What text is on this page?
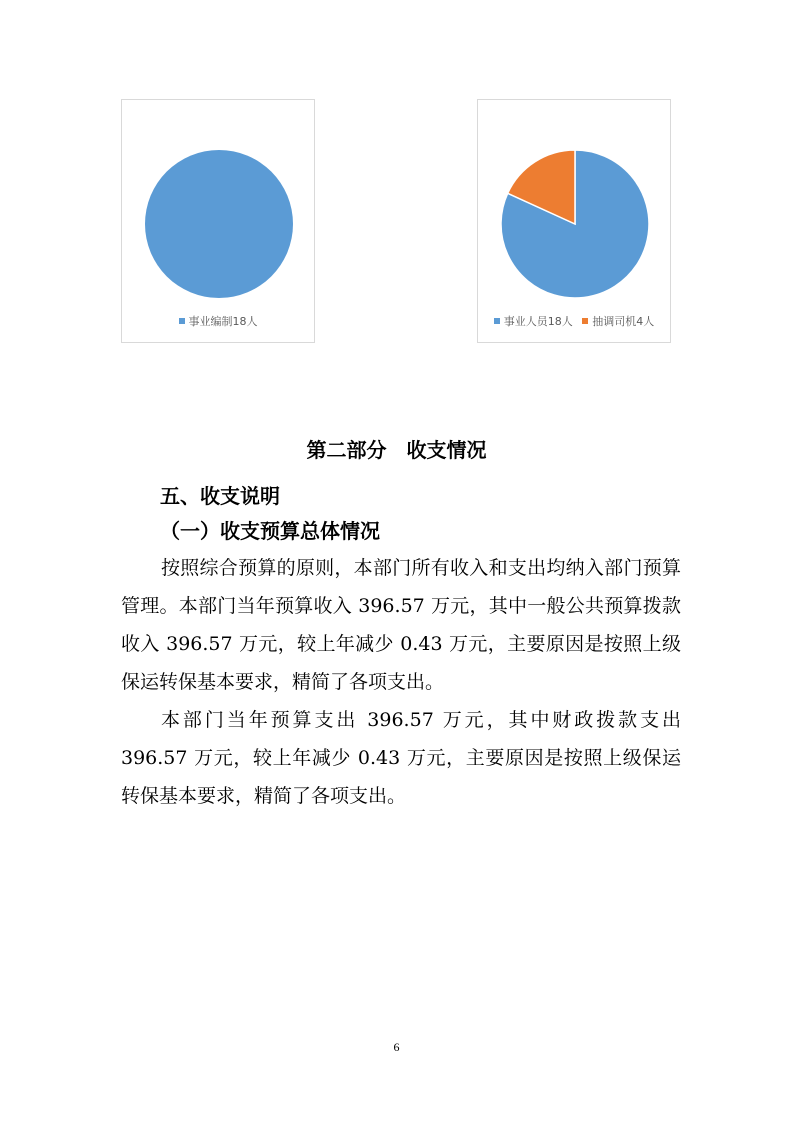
事业编制18人	事业人员18人 抽调司机4人
第二部分　收支情况
五、收支说明
（一）收支预算总体情况
按照综合预算的原则，本部门所有收入和支出均纳入部门预算管理。本部门当年预算收入 396.57 万元，其中一般公共预算拨款收入 396.57 万元，较上年减少 0.43 万元，主要原因是按照上级保运转保基本要求，精简了各项支出。
本部门当年预算支出 396.57 万元，其中财政拨款支出 396.57 万元，较上年减少 0.43 万元，主要原因是按照上级保运转保基本要求，精简了各项支出。
6
